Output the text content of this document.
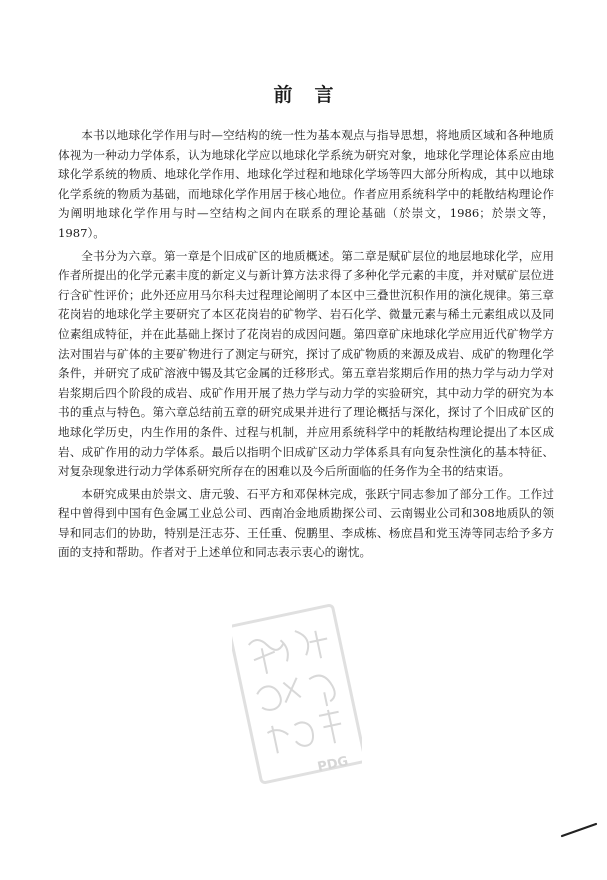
前言

本书以地球化学作用与时—空结构的统一性为基本观点与指导思想，将地质区域和各种地质体视为一种动力学体系，认为地球化学应以地球化学系统为研究对象，地球化学理论体系应由地球化学系统的物质、地球化学作用、地球化学过程和地球化学场等四大部分所构成，其中以地球化学系统的物质为基础，而地球化学作用居于核心地位。作者应用系统科学中的耗散结构理论作为阐明地球化学作用与时—空结构之间内在联系的理论基础（於崇文，1986；於崇文等，1987）。

全书分为六章。第一章是个旧成矿区的地质概述。第二章是赋矿层位的地层地球化学，应用作者所提出的化学元素丰度的新定义与新计算方法求得了多种化学元素的丰度，并对赋矿层位进行含矿性评价；此外还应用马尔科夫过程理论阐明了本区中三叠世沉积作用的演化规律。第三章花岗岩的地球化学主要研究了本区花岗岩的矿物学、岩石化学、微量元素与稀土元素组成以及同位素组成特征，并在此基础上探讨了花岗岩的成因问题。第四章矿床地球化学应用近代矿物学方法对围岩与矿体的主要矿物进行了测定与研究，探讨了成矿物质的来源及成岩、成矿的物理化学条件，并研究了成矿溶液中锡及其它金属的迁移形式。第五章岩浆期后作用的热力学与动力学对岩浆期后四个阶段的成岩、成矿作用开展了热力学与动力学的实验研究，其中动力学的研究为本书的重点与特色。第六章总结前五章的研究成果并进行了理论概括与深化，探讨了个旧成矿区的地球化学历史，内生作用的条件、过程与机制，并应用系统科学中的耗散结构理论提出了本区成岩、成矿作用的动力学体系。最后以指明个旧成矿区动力学体系具有向复杂性演化的基本特征、对复杂现象进行动力学体系研究所存在的困难以及今后所面临的任务作为全书的结束语。

本研究成果由於崇文、唐元骏、石平方和邓保林完成，张跃宁同志参加了部分工作。工作过程中曾得到中国有色金属工业总公司、西南冶金地质勘探公司、云南锡业公司和308地质队的领导和同志们的协助，特别是汪志芬、王任重、倪鹏里、李成栋、杨庶昌和党玉涛等同志给予多方面的支持和帮助。作者对于上述单位和同志表示衷心的谢忱。

PDG
